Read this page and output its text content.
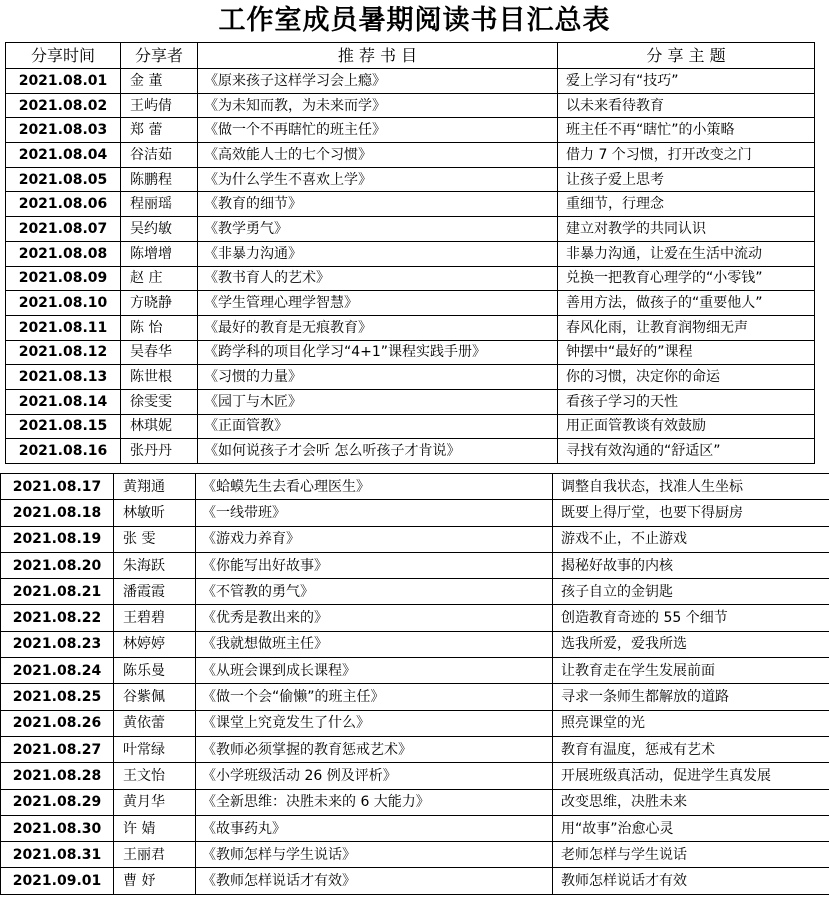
工作室成员暑期阅读书目汇总表
分享时间	分享者	推 荐 书 目	分 享 主 题
2021.08.01	金 董	《原来孩子这样学习会上瘾》	爱上学习有“技巧”
2021.08.02	王屿倩	《为未知而教，为未来而学》	以未来看待教育
2021.08.03	郑 蕾	《做一个不再瞎忙的班主任》	班主任不再“瞎忙”的小策略
2021.08.04	谷洁茹	《高效能人士的七个习惯》	借力 7 个习惯，打开改变之门
2021.08.05	陈鹏程	《为什么学生不喜欢上学》	让孩子爱上思考
2021.08.06	程丽瑶	《教育的细节》	重细节，行理念
2021.08.07	吴约敏	《教学勇气》	建立对教学的共同认识
2021.08.08	陈增增	《非暴力沟通》	非暴力沟通，让爱在生活中流动
2021.08.09	赵 庄	《教书育人的艺术》	兑换一把教育心理学的“小零钱”
2021.08.10	方晓静	《学生管理心理学智慧》	善用方法，做孩子的“重要他人”
2021.08.11	陈 怡	《最好的教育是无痕教育》	春风化雨，让教育润物细无声
2021.08.12	吴春华	《跨学科的项目化学习“4+1”课程实践手册》	钟摆中“最好的”课程
2021.08.13	陈世根	《习惯的力量》	你的习惯，决定你的命运
2021.08.14	徐雯雯	《园丁与木匠》	看孩子学习的天性
2021.08.15	林琪妮	《正面管教》	用正面管教谈有效鼓励
2021.08.16	张丹丹	《如何说孩子才会听 怎么听孩子才肯说》	寻找有效沟通的“舒适区”
2021.08.17	黄翔通	《蛤蟆先生去看心理医生》	调整自我状态，找准人生坐标
2021.08.18	林敏昕	《一线带班》	既要上得厅堂，也要下得厨房
2021.08.19	张 雯	《游戏力养育》	游戏不止，不止游戏
2021.08.20	朱海跃	《你能写出好故事》	揭秘好故事的内核
2021.08.21	潘霞霞	《不管教的勇气》	孩子自立的金钥匙
2021.08.22	王碧碧	《优秀是教出来的》	创造教育奇迹的 55 个细节
2021.08.23	林婷婷	《我就想做班主任》	选我所爱，爱我所选
2021.08.24	陈乐曼	《从班会课到成长课程》	让教育走在学生发展前面
2021.08.25	谷紫佩	《做一个会“偷懒”的班主任》	寻求一条师生都解放的道路
2021.08.26	黄依蕾	《课堂上究竟发生了什么》	照亮课堂的光
2021.08.27	叶常绿	《教师必须掌握的教育惩戒艺术》	教育有温度，惩戒有艺术
2021.08.28	王文怡	《小学班级活动 26 例及评析》	开展班级真活动，促进学生真发展
2021.08.29	黄月华	《全新思维：决胜未来的 6 大能力》	改变思维，决胜未来
2021.08.30	许 婧	《故事药丸》	用“故事”治愈心灵
2021.08.31	王丽君	《教师怎样与学生说话》	老师怎样与学生说话
2021.09.01	曹 妤	《教师怎样说话才有效》	教师怎样说话才有效
